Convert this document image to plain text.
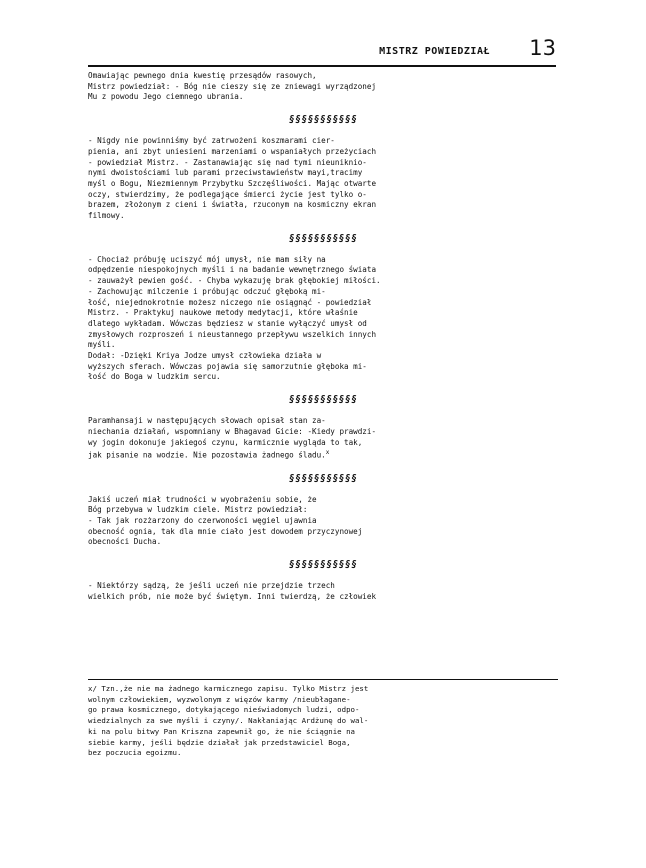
MISTRZ POWIEDZIAŁ 13

Omawiając pewnego dnia kwestię przesądów rasowych,
Mistrz powiedział: - Bóg nie cieszy się ze zniewagi wyrządzonej
Mu z powodu Jego ciemnego ubrania.

§§§§§§§§§§§

- Nigdy nie powinniśmy być zatrwożeni koszmarami cier-
pienia, ani zbyt uniesieni marzeniami o wspaniałych przeżyciach
- powiedział Mistrz. - Zastanawiając się nad tymi nieuniknio-
nymi dwoistościami lub parami przeciwstawieństw mayi,tracimy
myśl o Bogu, Niezmiennym Przybytku Szczęśliwości. Mając otwarte
oczy, stwierdzimy, że podlegające śmierci życie jest tylko o-
brazem, złożonym z cieni i światła, rzuconym na kosmiczny ekran
filmowy.

§§§§§§§§§§§

- Chociaż próbuję uciszyć mój umysł, nie mam siły na
odpędzenie niespokojnych myśli i na badanie wewnętrznego świata
- zauważył pewien gość. - Chyba wykazuję brak głębokiej miłości.
- Zachowując milczenie i próbując odczuć głęboką mi-
łość, niejednokrotnie możesz niczego nie osiągnąć - powiedział
Mistrz. - Praktykuj naukowe metody medytacji, które właśnie
dlatego wykładam. Wówczas będziesz w stanie wyłączyć umysł od
zmysłowych rozproszeń i nieustannego przepływu wszelkich innych
myśli.
Dodał: -Dzięki Kriya Jodze umysł człowieka działa w
wyższych sferach. Wówczas pojawia się samorzutnie głęboka mi-
łość do Boga w ludzkim sercu.

§§§§§§§§§§§

Paramhansaji w następujących słowach opisał stan za-
niechania działań, wspomniany w Bhagavad Gicie: -Kiedy prawdzi-
wy jogin dokonuje jakiegoś czynu, karmicznie wygląda to tak,
jak pisanie na wodzie. Nie pozostawia żadnego śladu.$^x$

§§§§§§§§§§§

Jakiś uczeń miał trudności w wyobrażeniu sobie, że
Bóg przebywa w ludzkim ciele. Mistrz powiedział:
- Tak jak rozżarzony do czerwoności węgiel ujawnia
obecność ognia, tak dla mnie ciało jest dowodem przyczynowej
obecności Ducha.

§§§§§§§§§§§

- Niektórzy sądzą, że jeśli uczeń nie przejdzie trzech
wielkich prób, nie może być świętym. Inni twierdzą, że człowiek

x/ Tzn.,że nie ma żadnego karmicznego zapisu. Tylko Mistrz jest
wolnym człowiekiem, wyzwolonym z więzów karmy /nieubłagane-
go prawa kosmicznego, dotykającego nieświadomych ludzi, odpo-
wiedzialnych za swe myśli i czyny/. Nakłaniając Ardżunę do wal-
ki na polu bitwy Pan Kriszna zapewnił go, że nie ściągnie na
siebie karmy, jeśli będzie działał jak przedstawiciel Boga,
bez poczucia egoizmu.
